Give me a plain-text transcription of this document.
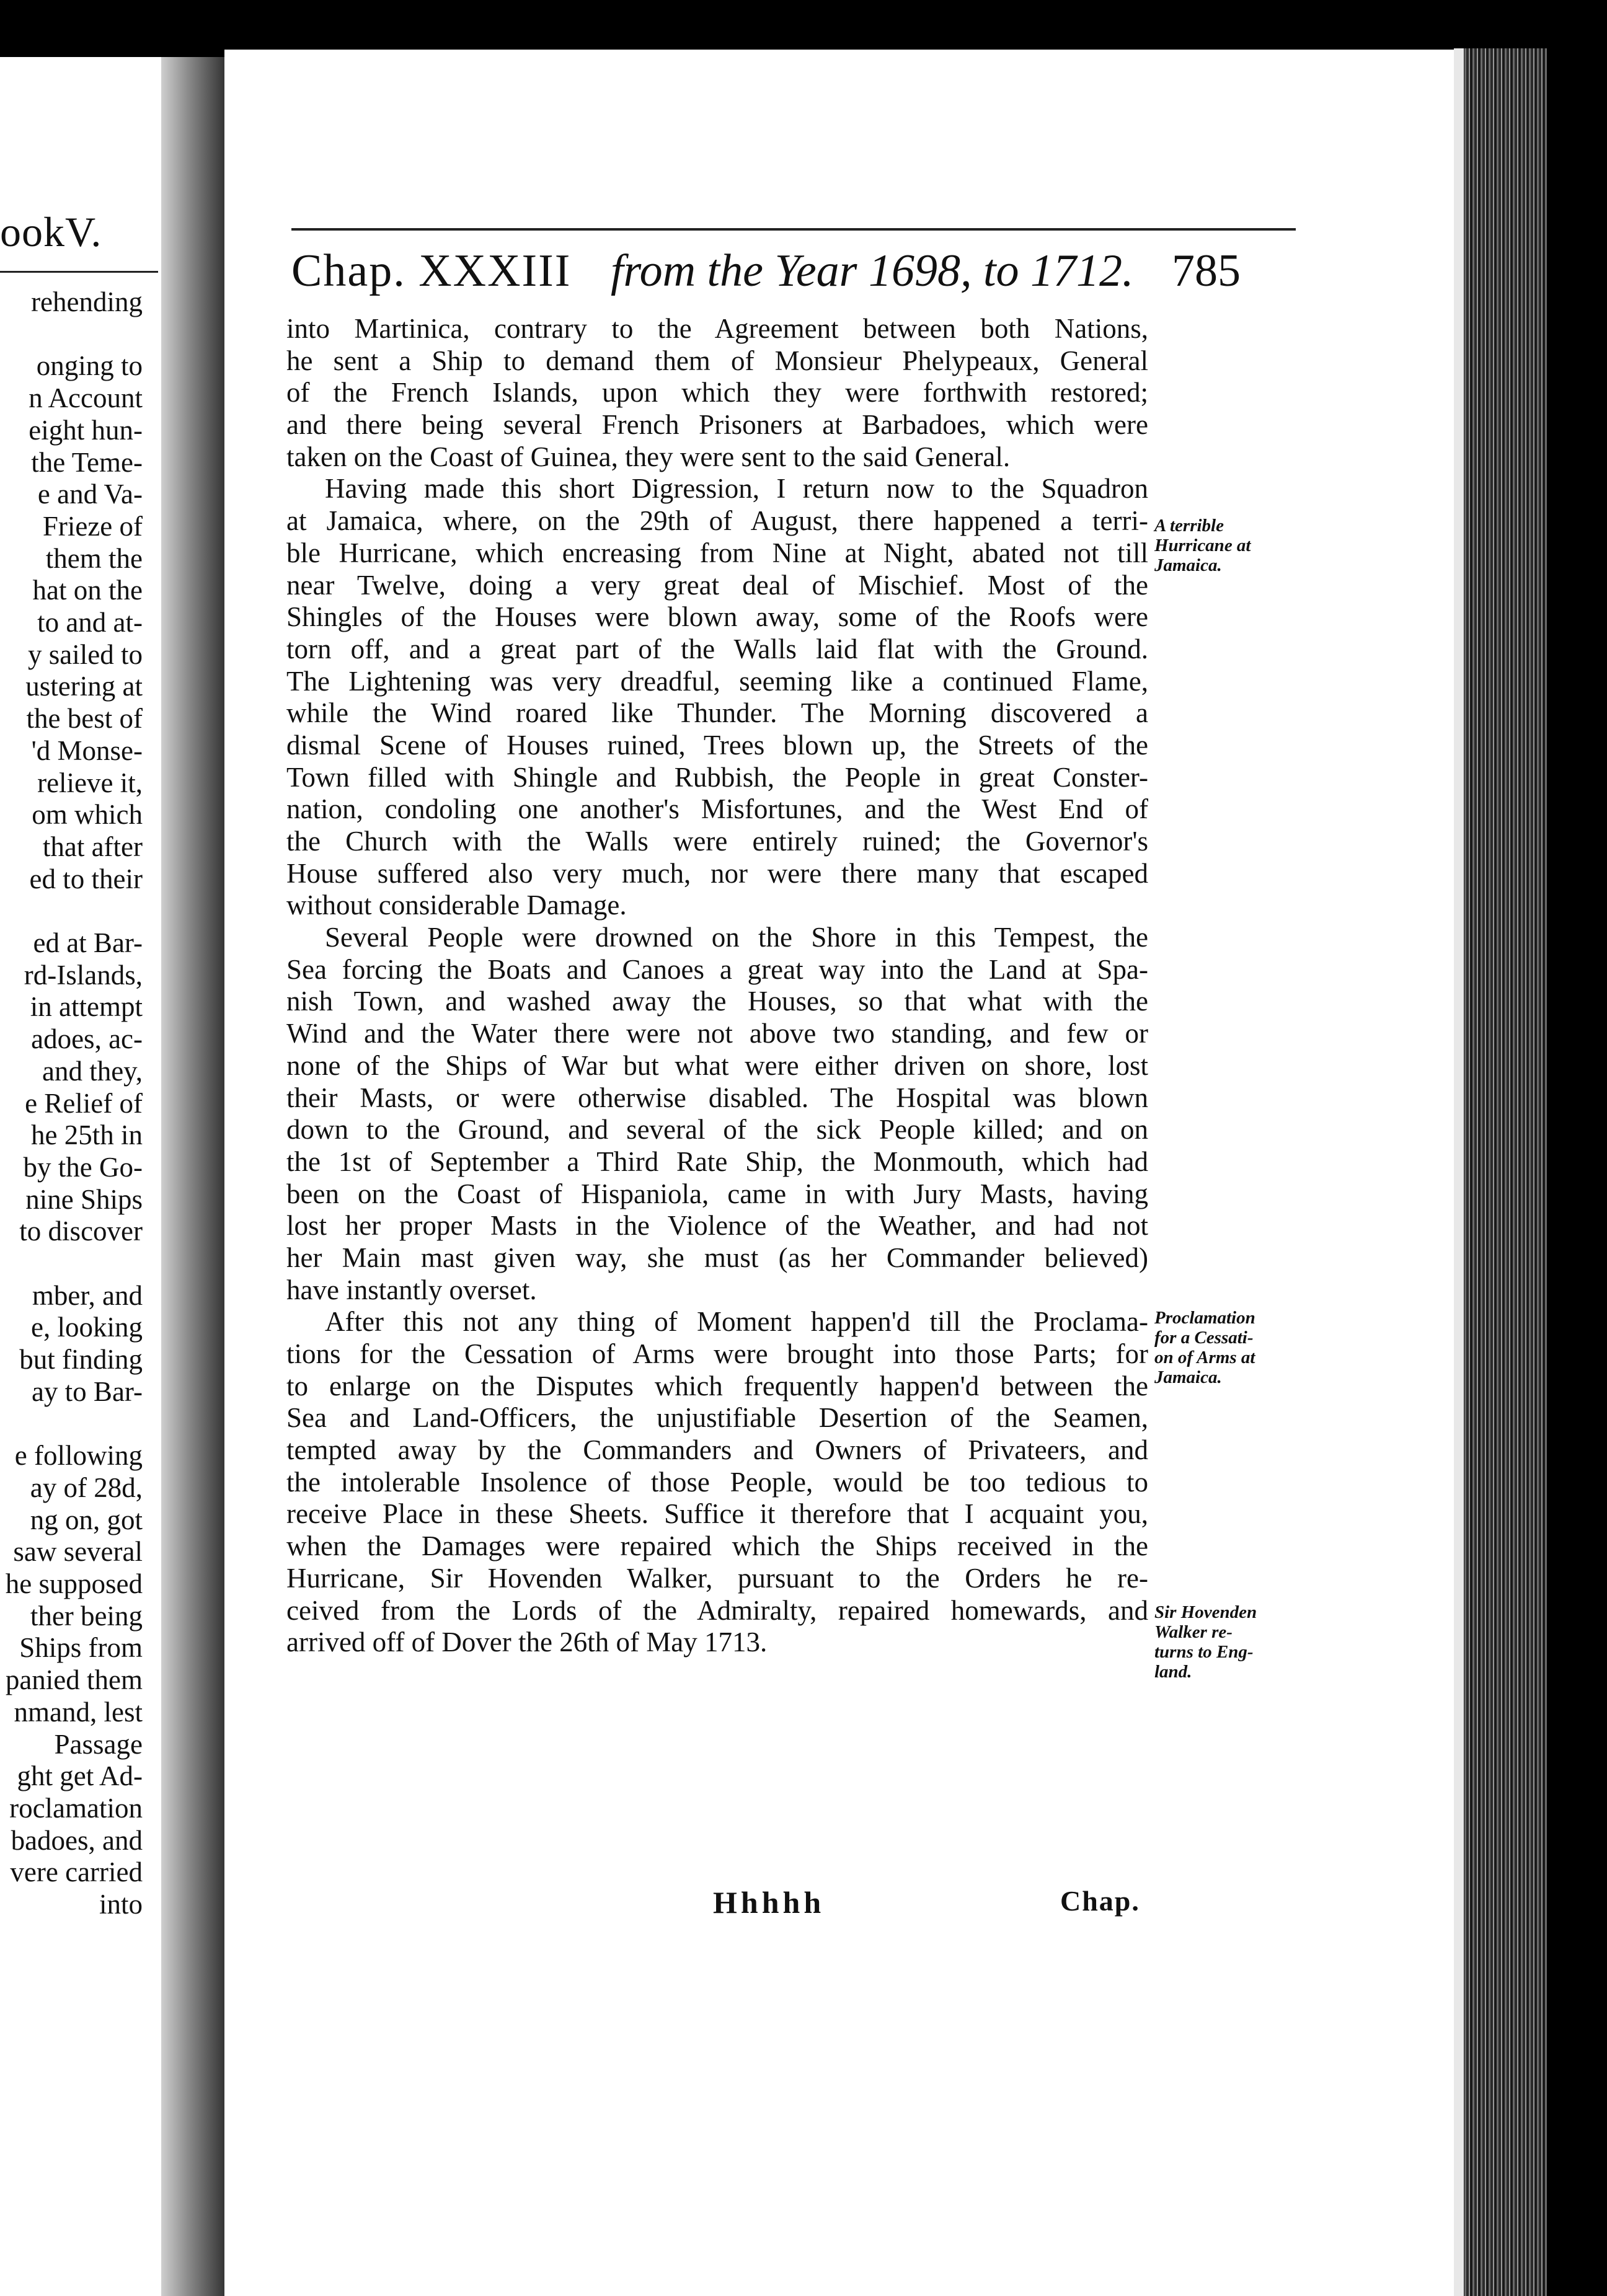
ookV.
rehending
onging to
n Account
eight hun-
the Teme-
e and Va-
Frieze of
them the
hat on the
to and at-
y sailed to
ustering at
the best of
'd Monse-
relieve it,
om which
that after
ed to their
ed at Bar-
rd-Islands,
in attempt
adoes, ac-
and they,
e Relief of
he 25th in
by the Go-
nine Ships
to discover
mber, and
e, looking
but finding
ay to Bar-
e following
ay of 28d,
ng on, got
saw several
he supposed
ther being
Ships from
panied them
nmand, lest
Passage
ght get Ad-
roclamation
badoes, and
vere carried
into
Chap. XXXIII from the Year 1698, to 1712. 785
into Martinica, contrary to the Agreement between both Nations,
he sent a Ship to demand them of Monsieur Phelypeaux, General
of the French Islands, upon which they were forthwith restored;
and there being several French Prisoners at Barbadoes, which were
taken on the Coast of Guinea, they were sent to the said General.
Having made this short Digression, I return now to the Squadron
at Jamaica, where, on the 29th of August, there happened a terri-
ble Hurricane, which encreasing from Nine at Night, abated not till
near Twelve, doing a very great deal of Mischief. Most of the
Shingles of the Houses were blown away, some of the Roofs were
torn off, and a great part of the Walls laid flat with the Ground.
The Lightening was very dreadful, seeming like a continued Flame,
while the Wind roared like Thunder. The Morning discovered a
dismal Scene of Houses ruined, Trees blown up, the Streets of the
Town filled with Shingle and Rubbish, the People in great Conster-
nation, condoling one another's Misfortunes, and the West End of
the Church with the Walls were entirely ruined; the Governor's
House suffered also very much, nor were there many that escaped
without considerable Damage.
Several People were drowned on the Shore in this Tempest, the
Sea forcing the Boats and Canoes a great way into the Land at Spa-
nish Town, and washed away the Houses, so that what with the
Wind and the Water there were not above two standing, and few or
none of the Ships of War but what were either driven on shore, lost
their Masts, or were otherwise disabled. The Hospital was blown
down to the Ground, and several of the sick People killed; and on
the 1st of September a Third Rate Ship, the Monmouth, which had
been on the Coast of Hispaniola, came in with Jury Masts, having
lost her proper Masts in the Violence of the Weather, and had not
her Main mast given way, she must (as her Commander believed)
have instantly overset.
After this not any thing of Moment happen'd till the Proclama-
tions for the Cessation of Arms were brought into those Parts; for
to enlarge on the Disputes which frequently happen'd between the
Sea and Land-Officers, the unjustifiable Desertion of the Seamen,
tempted away by the Commanders and Owners of Privateers, and
the intolerable Insolence of those People, would be too tedious to
receive Place in these Sheets. Suffice it therefore that I acquaint you,
when the Damages were repaired which the Ships received in the
Hurricane, Sir Hovenden Walker, pursuant to the Orders he re-
ceived from the Lords of the Admiralty, repaired homewards, and
arrived off of Dover the 26th of May 1713.
A terrible
Hurricane at
Jamaica.
Proclamation
for a Cessati-
on of Arms at
Jamaica.
Sir Hovenden
Walker re-
turns to Eng-
land.
Hhhhh	Chap.
